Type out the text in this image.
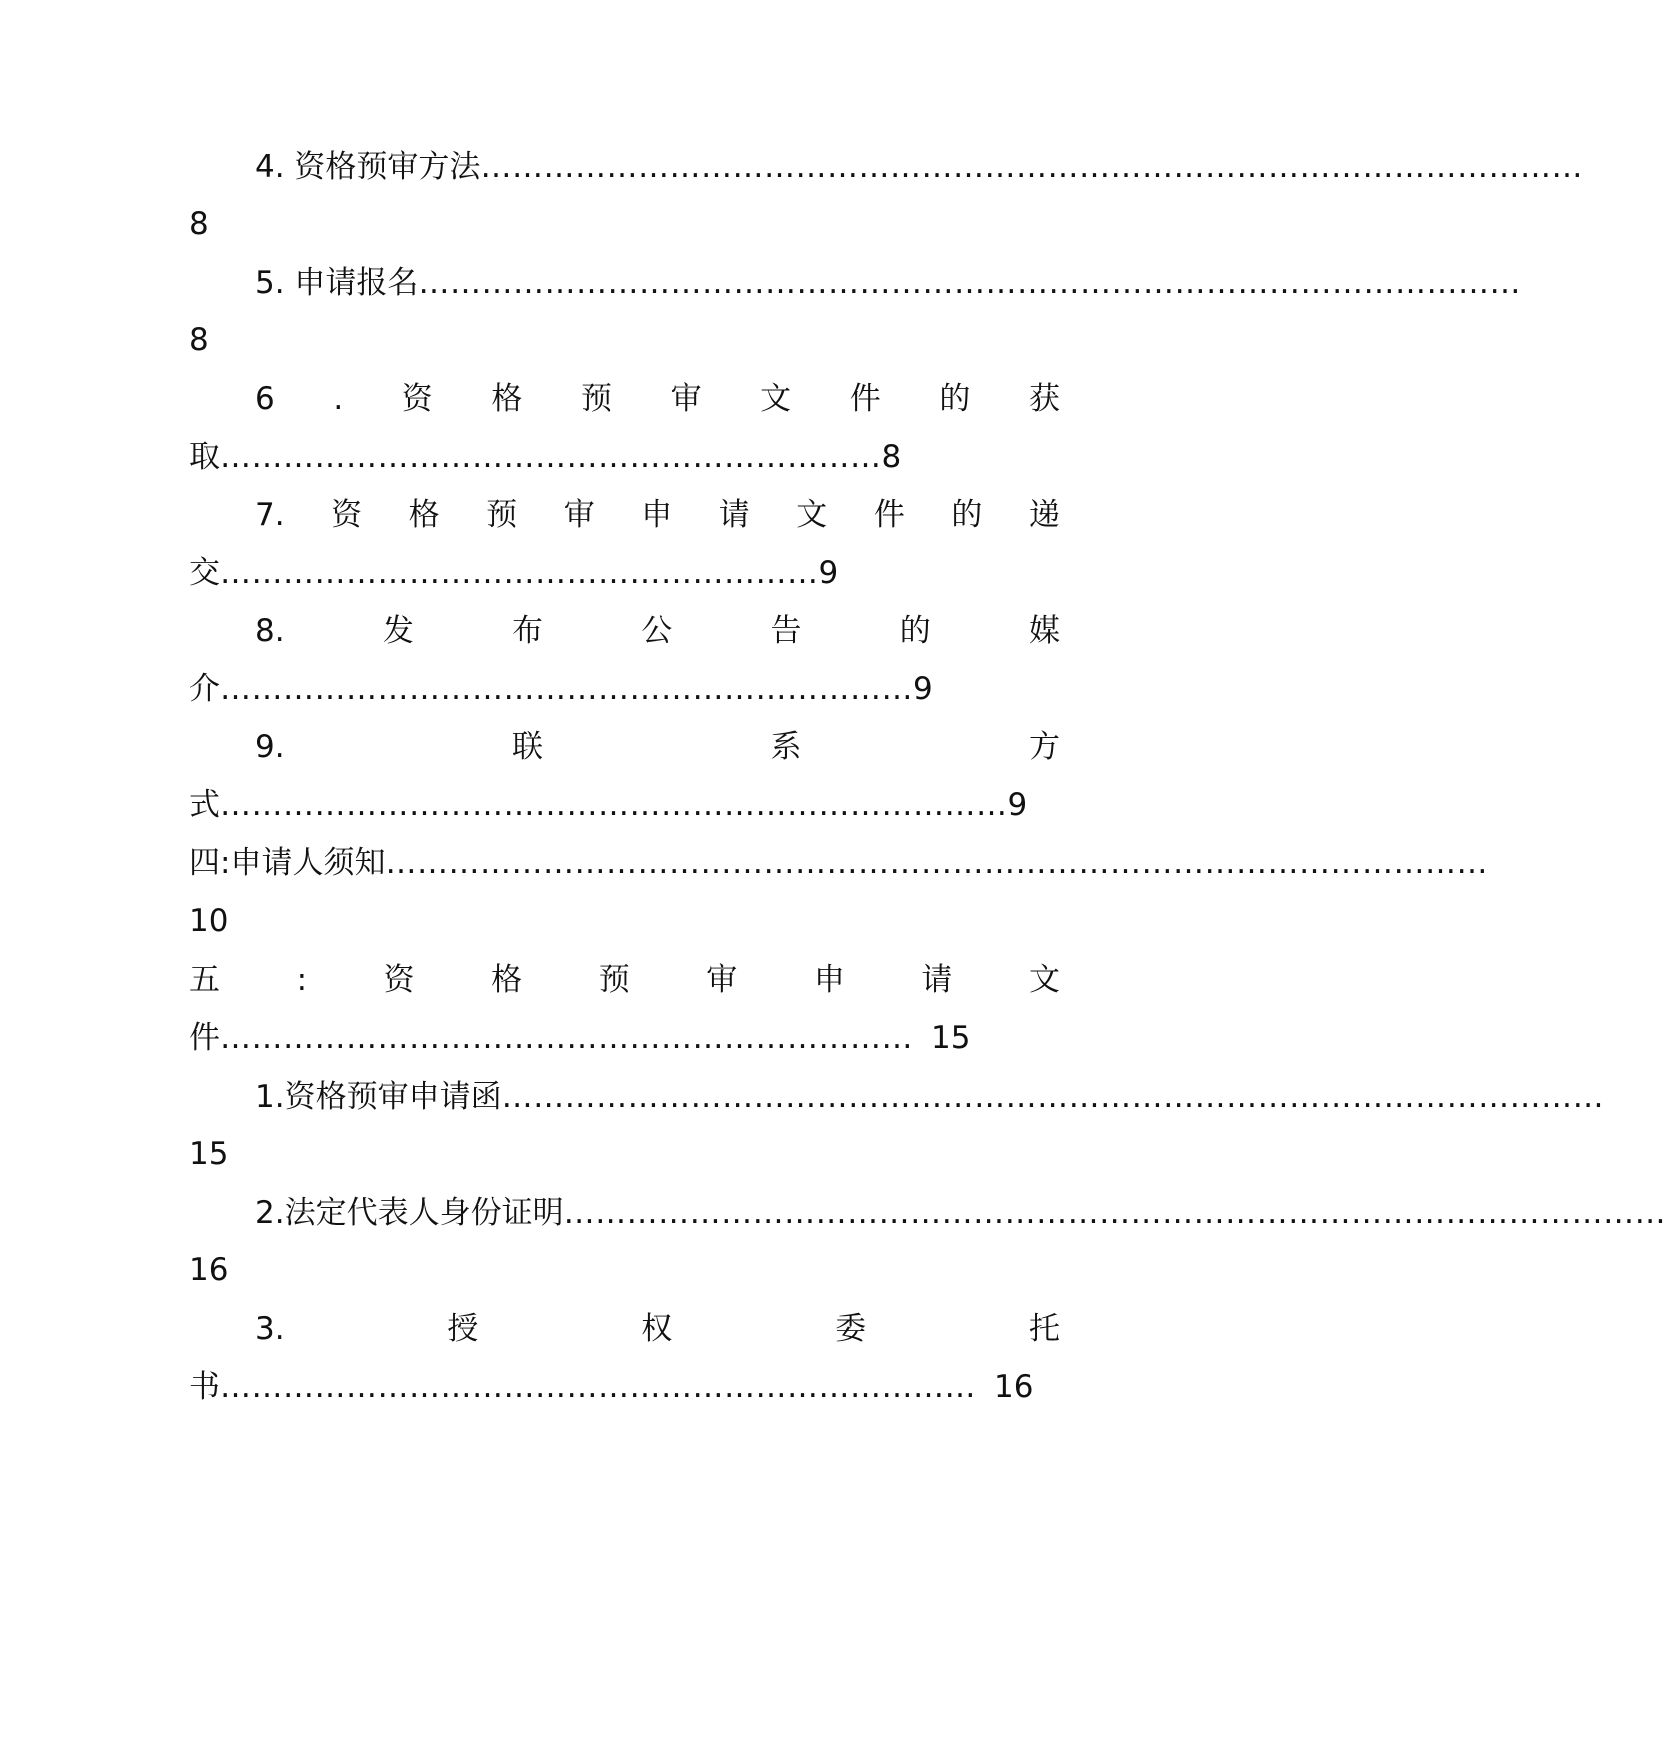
4. 资格预审方法 ……………………………………………………………………………………………
8
5. 申请报名 ……………………………………………………………………………………………
8
6 . 资 格 预 审 文 件 的 获
取………………………………………………………8
7. 资 格 预 审 申 请 文 件 的 递
交…………………………………………………9
8.	发	布	公	告	的	媒
介…………………………………………………………9
9.	联	系	方
式…………………………………………………………………9
四:申请人须知 ……………………………………………………………………………………………
10
五 : 资 格 预 审 申 请 文
件………………………………………………………… 15
1.资格预审申请函 ……………………………………………………………………………………………
15
2.法定代表人身份证明 ……………………………………………………………………………………………
16
3.	授	权	委	托
书……………………………………………………………… 16
